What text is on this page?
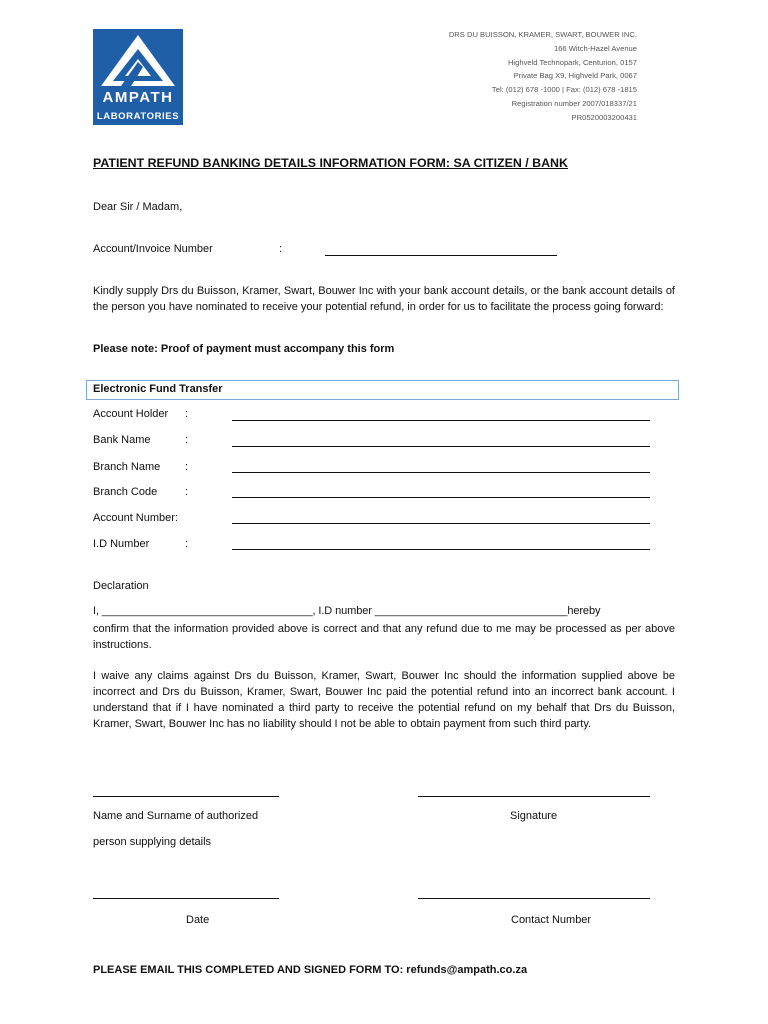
AMPATH
LABORATORIES
DRS DU BUISSON, KRAMER, SWART, BOUWER INC.
166 Witch-Hazel Avenue
Highveld Technopark, Centurion, 0157
Private Bag X9, Highveld Park, 0067
Tel: (012) 678 -1000 | Fax: (012) 678 -1815
Registration number 2007/018337/21
PR0520003200431
PATIENT REFUND BANKING DETAILS INFORMATION FORM: SA CITIZEN / BANK
Dear Sir / Madam,
Account/Invoice Number	:
Kindly supply Drs du Buisson, Kramer, Swart, Bouwer Inc with your bank account details, or the bank account details of the person you have nominated to receive your potential refund, in order for us to facilitate the process going forward:
Please note: Proof of payment must accompany this form
Electronic Fund Transfer
Account Holder :
Bank Name	:
Branch Name :
Branch Code	:
Account Number:
I.D Number	:
Declaration
I, ___________________________________, I.D number ________________________________hereby
confirm that the information provided above is correct and that any refund due to me may be processed as per above instructions.
I waive any claims against Drs du Buisson, Kramer, Swart, Bouwer Inc should the information supplied above be incorrect and Drs du Buisson, Kramer, Swart, Bouwer Inc paid the potential refund into an incorrect bank account. I understand that if I have nominated a third party to receive the potential refund on my behalf that Drs du Buisson, Kramer, Swart, Bouwer Inc has no liability should I not be able to obtain payment from such third party.
Name and Surname of authorized	Signature
person supplying details
Date	Contact Number
PLEASE EMAIL THIS COMPLETED AND SIGNED FORM TO: refunds@ampath.co.za
